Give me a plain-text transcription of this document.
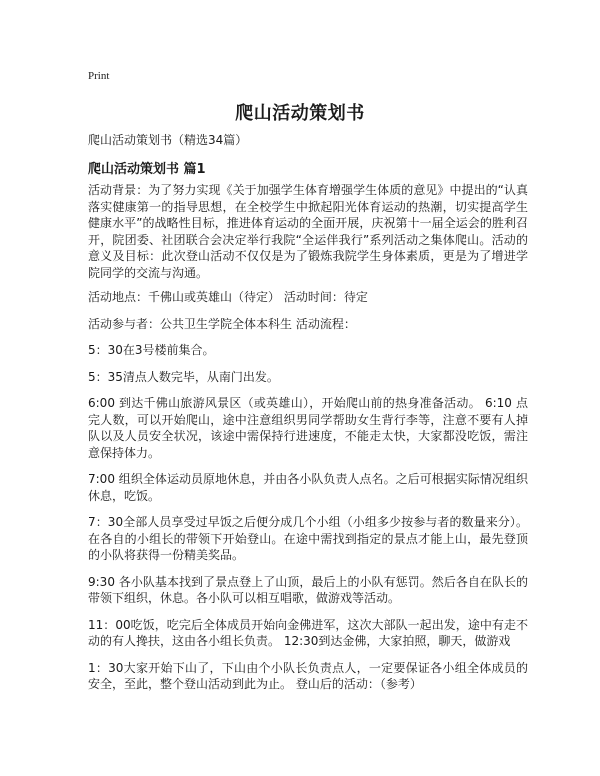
Print
爬山活动策划书

爬山活动策划书（精选34篇）

爬山活动策划书 篇1

活动背景：为了努力实现《关于加强学生体育增强学生体质的意见》中提出的“认真落实健康第一的指导思想，在全校学生中掀起阳光体育运动的热潮，切实提高学生健康水平”的战略性目标，推进体育运动的全面开展，庆祝第十一届全运会的胜利召开，院团委、社团联合会决定举行我院“全运伴我行”系列活动之集体爬山。活动的意义及目标：此次登山活动不仅仅是为了锻炼我院学生身体素质，更是为了增进学院同学的交流与沟通。

活动地点：千佛山或英雄山（待定） 活动时间：待定

活动参与者：公共卫生学院全体本科生 活动流程：

5：30在3号楼前集合。

5：35清点人数完毕，从南门出发。

6:00 到达千佛山旅游风景区（或英雄山），开始爬山前的热身准备活动。 6:10 点完人数，可以开始爬山，途中注意组织男同学帮助女生背行李等，注意不要有人掉队以及人员安全状况，该途中需保持行进速度，不能走太快，大家都没吃饭，需注意保持体力。

7:00 组织全体运动员原地休息，并由各小队负责人点名。之后可根据实际情况组织休息，吃饭。

7：30全部人员享受过早饭之后便分成几个小组（小组多少按参与者的数量来分）。在各自的小组长的带领下开始登山。在途中需找到指定的景点才能上山，最先登顶的小队将获得一份精美奖品。

9:30 各小队基本找到了景点登上了山顶，最后上的小队有惩罚。然后各自在队长的带领下组织，休息。各小队可以相互唱歌，做游戏等活动。

11：00吃饭，吃完后全体成员开始向金佛进军，这次大部队一起出发，途中有走不动的有人搀扶，这由各小组长负责。 12:30到达金佛，大家拍照，聊天，做游戏

1：30大家开始下山了，下山由个小队长负责点人，一定要保证各小组全体成员的安全，至此，整个登山活动到此为止。 登山后的活动：（参考）
